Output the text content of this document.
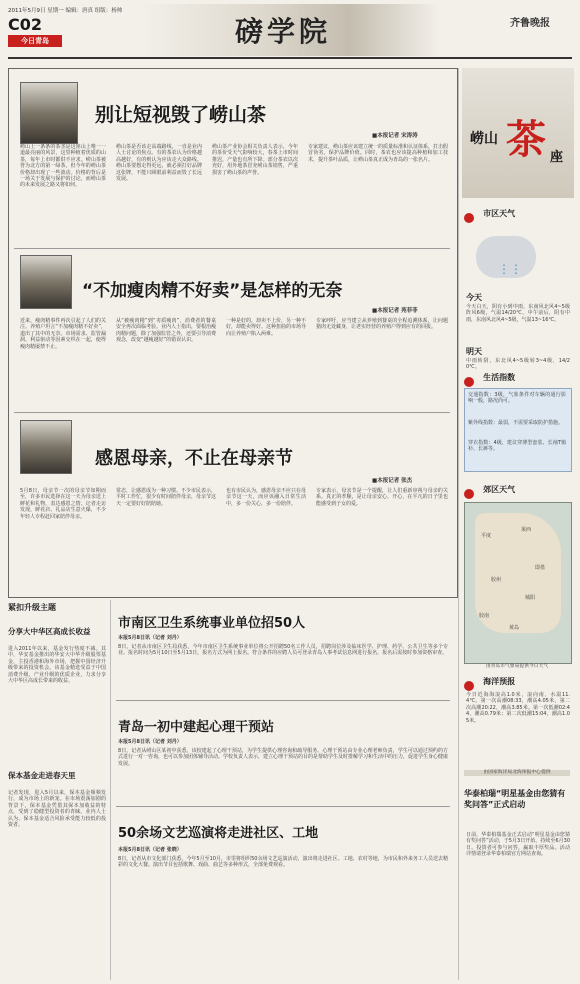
2011年5月9日 星期一 编辑：唐真 组版：杨帅
C02
今日青岛	磅学院	齐鲁晚报
别让短视毁了崂山茶
■本报记者 宋涛涛
崂山上一条条的茶垄是这座山上唯一一道最亮丽的风景，这里种植着优质的山茶，每年上市时都供不应求。崂山茶被誉为北方的第一绿茶，但今年的崂山茶价格却出现了一些波动。价格的背后是一场关于发展与保护的讨论，而崂山茶的未来发展之路又将如何。
崂山茶是否该走高端路线，一直是业内人士讨论的焦点。有的茶农认为价格越高越好，有的则认为应该走大众路线。崂山茶要想走得更远，就必须打好品牌这张牌，不能只顾眼前利益而毁了长远发展。
崂山茶产业协会相关负责人表示，今年的茶价受天气影响较大，春茶上市时间推迟，产量也有所下降。部分茶农以次充好，用外地茶冒充崂山茶销售，严重损害了崂山茶的声誉。
专家建议，崂山茶应该建立统一的质量标准和认证体系，打击假冒伪劣，保护品牌价值。同时，茶农也应该提高种植和加工技术，提升茶叶品质，让崂山茶真正成为青岛的一张名片。
“不加瘦肉精不好卖”是怎样的无奈
■本报记者 苑菲菲
近来，瘦肉精事件再次引起了人们的关注。养殖户坦言“不加瘦肉精不好卖”，道出了其中的无奈。市场需求、监管漏洞、利益驱动等因素交织在一起，使得瘦肉精屡禁不止。
从“被瘦肉精”到“劣质瘦肉”，消费者的餐桌安全再次面临考验。业内人士指出，要根治瘦肉精问题，除了加强监管之外，还要引导消费观念，改变“越瘦越好”的错误认识。
一种是好的，却卖不上价，另一种不好，却能卖得好。这种扭曲的市场导向让养殖户陷入两难。
专家呼吁，应当建立从养殖到餐桌的全程追溯体系，让问题猪肉无处藏身，让老实经营的养殖户得到应有的回报。
感恩母亲，不止在母亲节
■本报记者 张杰
5月8日，母亲节一次的母亲节如期而至，许多市民选择在这一天为母亲送上鲜花和礼物，表达感恩之情。记者走访发现，鲜花店、礼品店生意火爆，不少年轻人专程赶回家陪伴母亲。
常态，让感恩成为一种习惯。不少市民表示，平时工作忙，很少有时间陪伴母亲，母亲节这天一定要好好陪陪她。
也有市民认为，感恩母亲不应只在母亲节这一天，而应该融入日常生活中，多一份关心，多一份陪伴。
专家表示，母亲节是一个提醒，让人们重新审视与母亲的关系。真正的孝顺，是让母亲安心、开心，在平凡的日子里也能感受到子女的爱。
紧扣升级主题
分享大中华区高成长收益
进入2011年以来，基金发行热度不减。其中，华安基金推出的华安大中华升级股票基金，主投香港和海外市场，把握中国经济升级带来的投资机会。该基金精选受益于中国消费升级、产业升级的优质企业，力求分享大中华区高成长带来的收益。
保本基金走进春天里
记者发现，进入5月以来，保本基金频频发行，成为市场上的新宠。在市场震荡加剧的背景下，保本基金凭借其保本加收益的特点，受到了稳健型投资者的青睐。业内人士认为，保本基金适合风险承受能力较低的投资者。
市南区卫生系统事业单位招50人
本报5月8日讯（记者 刘丹）
8日，记者从市南区卫生局获悉，今年市南区卫生系统事业单位将公开招聘50名工作人员，招聘岗位涉及临床医学、护理、药学、公共卫生等多个专业。报名时间为5月10日至5月13日，报名方式为网上报名。符合条件的应聘人员可登录青岛人事考试信息网进行报名，报名后需按时参加资格审查。
青岛一初中建起心理干预站
本报5月8日讯（记者 刘丹）
8日，记者从崂山区某初中获悉，该校建起了心理干预站，为学生提供心理咨询和疏导服务。心理干预站由专业心理老师负责，学生可以通过预约的方式进行一对一咨询，也可以参加团体辅导活动。学校负责人表示，建立心理干预站的目的是帮助学生及时排解学习和生活中的压力，促进学生身心健康发展。
50余场文艺巡演将走进社区、工地
本报5月8日讯（记者 张晓）
8日，记者从市文化部门获悉，今年5月至10月，市里将组织50余场文艺巡演活动，演出将走进社区、工地、农村等地，为市民和外来务工人员送去精彩的文化大餐。演出节目包括歌舞、戏曲、曲艺等多种形式，全部免费观看。
崂山 茶 座
$^{市区天气}$
⋮⋮
今天
今天白天，阴有小到中雨，东南风北风4~5级阵风6级，气温14/20℃，中午前后，阴有中雨，东南风北风4~5级，气温13~16℃。
明天
中雨转阴，东北风4~5级转3~4级，14/20℃。
$^{生活指数}$
交通指数：3级，气象条件对车辆的通行影响一般，路况尚可。
紫外线指数：最弱，不需要采取防护措施。
穿衣指数：4级，建议穿薄型套装、长袖T恤衫、长裤等。
$^{郊区天气}$
平度
莱西
即墨
胶州
胶南
城阳
黄岛
由青岛市气象局提供今日天气
$^{海洋预报}$
今日近海海浪高1.0米，浪向南，水温11.4℃。第一次高潮08:33，潮高4.05米，第二次高潮20:22，潮高3.85米。第一次低潮02:44，潮高0.79米；第二次低潮15:04，潮高1.05米。
由国家海洋局北海预报中心提供
华泰柏瑞“明星基金由您猜有奖问答”正式启动
日前，华泰柏瑞基金正式启动“明星基金由您猜有奖问答”活动，于5月3日开始，持续至6月30日。投资者可参与问答，赢取丰厚奖品。活动详情请登录华泰柏瑞官方网站查询。
